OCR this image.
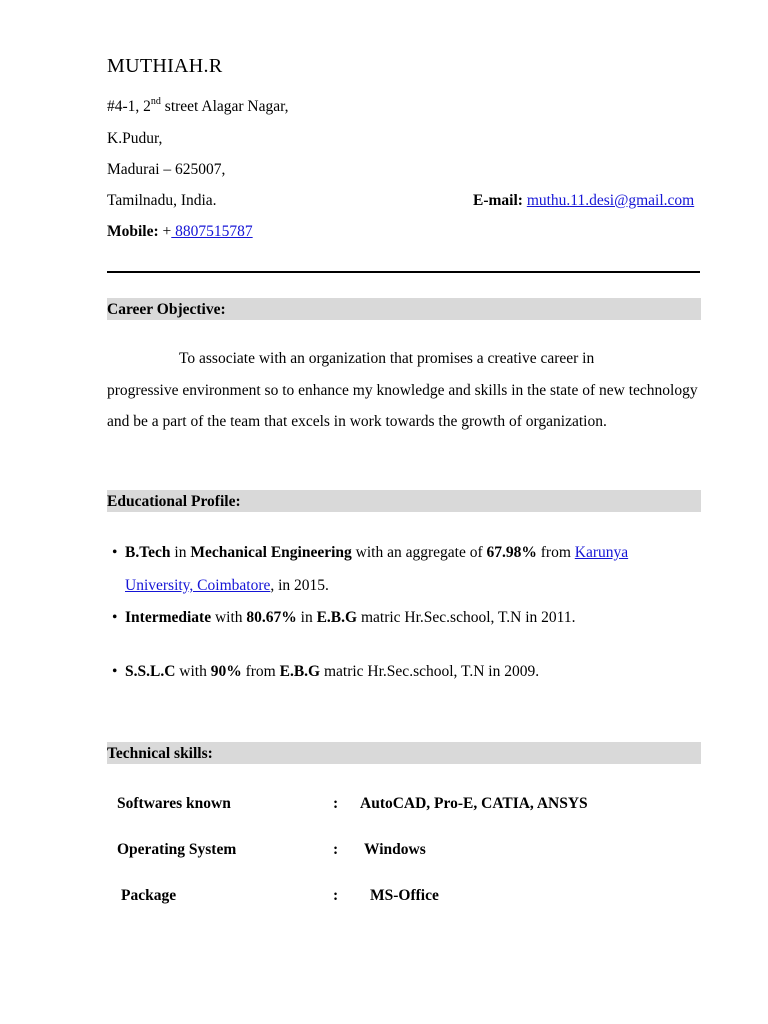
MUTHIAH.R
#4-1, 2nd street Alagar Nagar,
K.Pudur,
Madurai – 625007,
Tamilnadu, India.	E-mail: muthu.11.desi@gmail.com
Mobile: + 8807515787
Career Objective:
To associate with an organization that promises a creative career in
progressive environment so to enhance my knowledge and skills in the state of new technology and be a part of the team that excels in work towards the growth of organization.
Educational Profile:
• B.Tech in Mechanical Engineering with an aggregate of 67.98% from Karunya
University, Coimbatore, in 2015.
• Intermediate with 80.67% in E.B.G matric Hr.Sec.school, T.N in 2011.
• S.S.L.C with 90% from E.B.G matric Hr.Sec.school, T.N in 2009.
Technical skills:
Softwares known	: AutoCAD, Pro-E, CATIA, ANSYS
Operating System	: Windows
Package	: MS-Office
